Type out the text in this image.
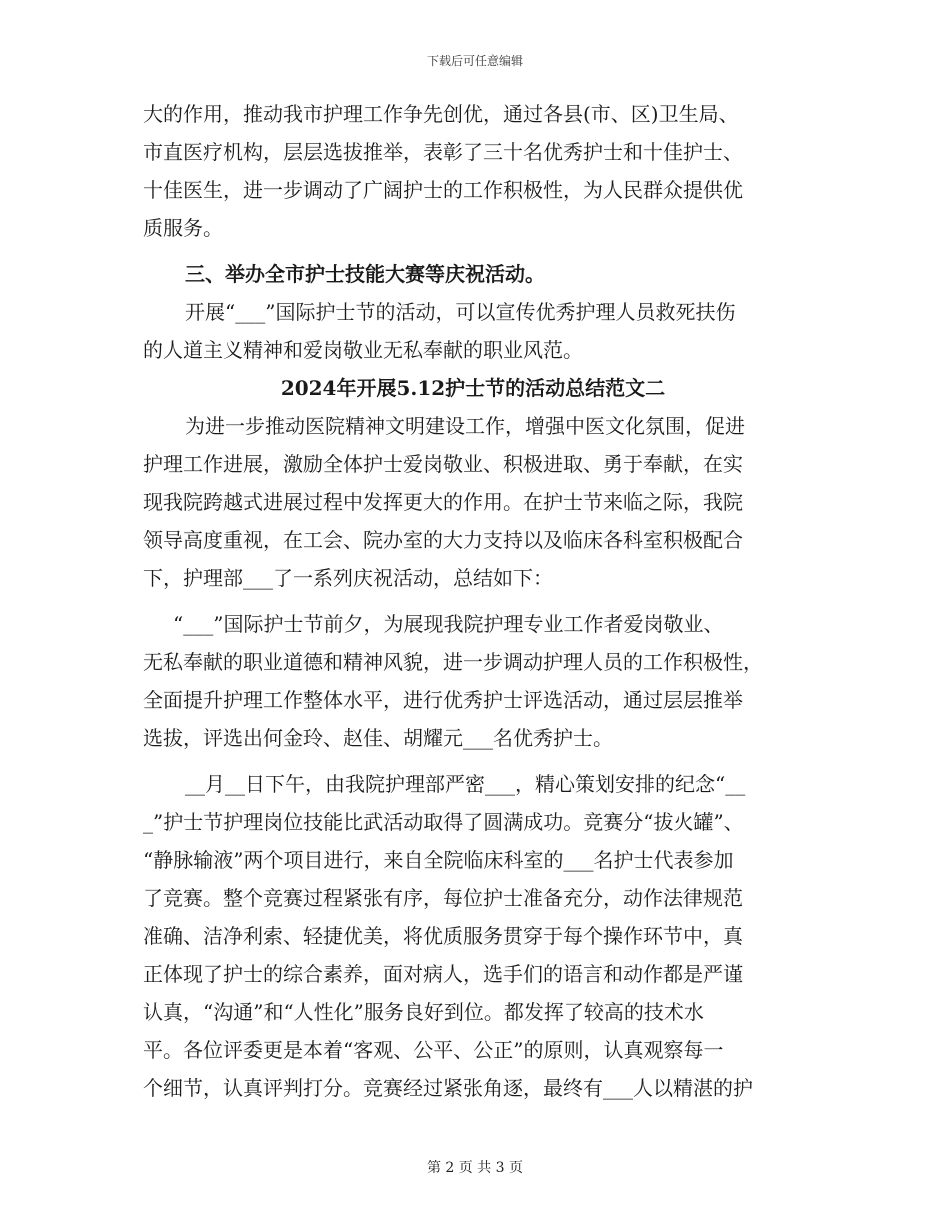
下载后可任意编辑
大的作用，推动我市护理工作争先创优，通过各县(市、区)卫生局、
市直医疗机构，层层选拔推举，表彰了三十名优秀护士和十佳护士、
十佳医生，进一步调动了广阔护士的工作积极性，为人民群众提供优
质服务。
三、举办全市护士技能大赛等庆祝活动。
开展“___”国际护士节的活动，可以宣传优秀护理人员救死扶伤
的人道主义精神和爱岗敬业无私奉献的职业风范。
2024年开展5.12护士节的活动总结范文二
为进一步推动医院精神文明建设工作，增强中医文化氛围，促进
护理工作进展，激励全体护士爱岗敬业、积极进取、勇于奉献，在实
现我院跨越式进展过程中发挥更大的作用。在护士节来临之际，我院
领导高度重视，在工会、院办室的大力支持以及临床各科室积极配合
下，护理部___了一系列庆祝活动，总结如下：
“___”国际护士节前夕，为展现我院护理专业工作者爱岗敬业、
无私奉献的职业道德和精神风貌，进一步调动护理人员的工作积极性，
全面提升护理工作整体水平，进行优秀护士评选活动，通过层层推举
选拔，评选出何金玲、赵佳、胡耀元___名优秀护士。
__月__日下午，由我院护理部严密___，精心策划安排的纪念“__
_”护士节护理岗位技能比武活动取得了圆满成功。竞赛分“拔火罐”、
“静脉输液”两个项目进行，来自全院临床科室的___名护士代表参加
了竞赛。整个竞赛过程紧张有序，每位护士准备充分，动作法律规范
准确、洁净利索、轻捷优美，将优质服务贯穿于每个操作环节中，真
正体现了护士的综合素养，面对病人，选手们的语言和动作都是严谨
认真，“沟通”和“人性化”服务良好到位。都发挥了较高的技术水
平。各位评委更是本着“客观、公平、公正”的原则，认真观察每一
个细节，认真评判打分。竞赛经过紧张角逐，最终有___人以精湛的护
第 2 页 共 3 页
